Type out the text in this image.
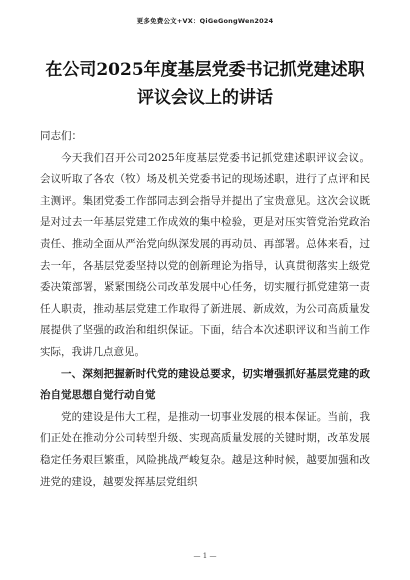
更多免费公文+VX：QiGeGongWen2024
在公司2025年度基层党委书记抓党建述职评议会议上的讲话

同志们：

今天我们召开公司2025年度基层党委书记抓党建述职评议会议。会议听取了各农（牧）场及机关党委书记的现场述职，进行了点评和民主测评。集团党委工作部同志到会指导并提出了宝贵意见。这次会议既是对过去一年基层党建工作成效的集中检验，更是对压实管党治党政治责任、推动全面从严治党向纵深发展的再动员、再部署。总体来看，过去一年，各基层党委坚持以党的创新理论为指导，认真贯彻落实上级党委决策部署，紧紧围绕公司改革发展中心任务，切实履行抓党建第一责任人职责，推动基层党建工作取得了新进展、新成效，为公司高质量发展提供了坚强的政治和组织保证。下面，结合本次述职评议和当前工作实际，我讲几点意见。

一、深刻把握新时代党的建设总要求，切实增强抓好基层党建的政治自觉思想自觉行动自觉

党的建设是伟大工程，是推动一切事业发展的根本保证。当前，我们正处在推动分公司转型升级、实现高质量发展的关键时期，改革发展稳定任务艰巨繁重，风险挑战严峻复杂。越是这种时候，越要加强和改进党的建设，越要发挥基层党组织

— 1 —
